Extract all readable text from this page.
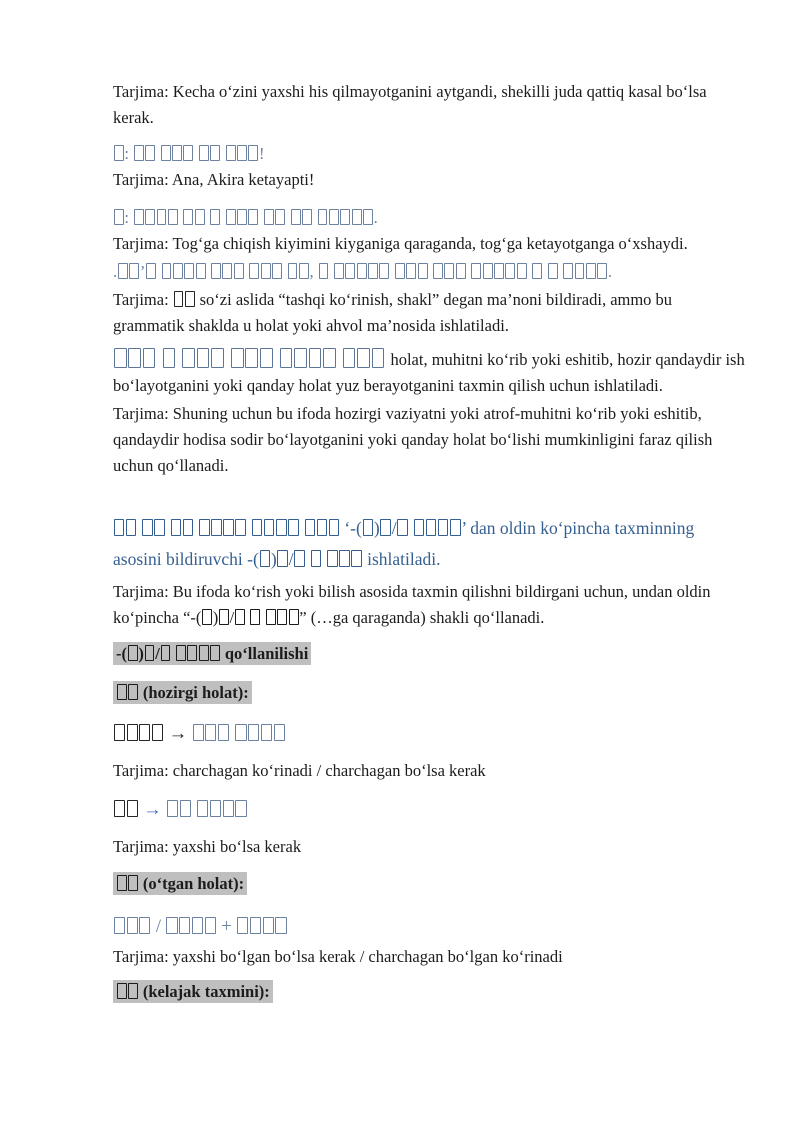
Tarjima: Kecha o‘zini yaxshi his qilmayotganini aytgandi, shekilli juda qattiq kasal bo‘lsa kerak.

:	!

Tarjima: Ana, Akira ketayapti!

:	.

Tarjima: Tog‘ga chiqish kiyimini kiyganiga qaraganda, tog‘ga ketayotganga o‘xshaydi.

. ’	,	.

Tarjima:  so‘zi aslida “tashqi ko‘rinish, shakl” degan ma’noni bildiradi, ammo bu grammatik shaklda u holat yoki ahvol ma’nosida ishlatiladi.

holat, muhitni ko‘rib yoki eshitib, hozir qandaydir ish bo‘layotganini yoki qanday holat yuz berayotganini taxmin qilish uchun ishlatiladi.

Tarjima: Shuning uchun bu ifoda hozirgi vaziyatni yoki atrof-muhitni ko‘rib yoki eshitib, qandaydir hodisa sodir bo‘layotganini yoki qanday holat bo‘lishi mumkinligini faraz qilish uchun qo‘llanadi.

‘-( ) /	’ dan oldin ko‘pincha taxminning asosini bildiruvchi -( ) /	ishlatiladi.

Tarjima: Bu ifoda ko‘rish yoki bilish asosida taxmin qilishni bildirgani uchun, undan oldin ko‘pincha “-( ) /	” (…ga qaraganda) shakli qo‘llanadi.

-( ) /	qo‘llanilishi

(hozirgi holat):

→

Tarjima: charchagan ko‘rinadi / charchagan bo‘lsa kerak

→

Tarjima: yaxshi bo‘lsa kerak

(o‘tgan holat):

/	+

Tarjima: yaxshi bo‘lgan bo‘lsa kerak / charchagan bo‘lgan ko‘rinadi

(kelajak taxmini):
